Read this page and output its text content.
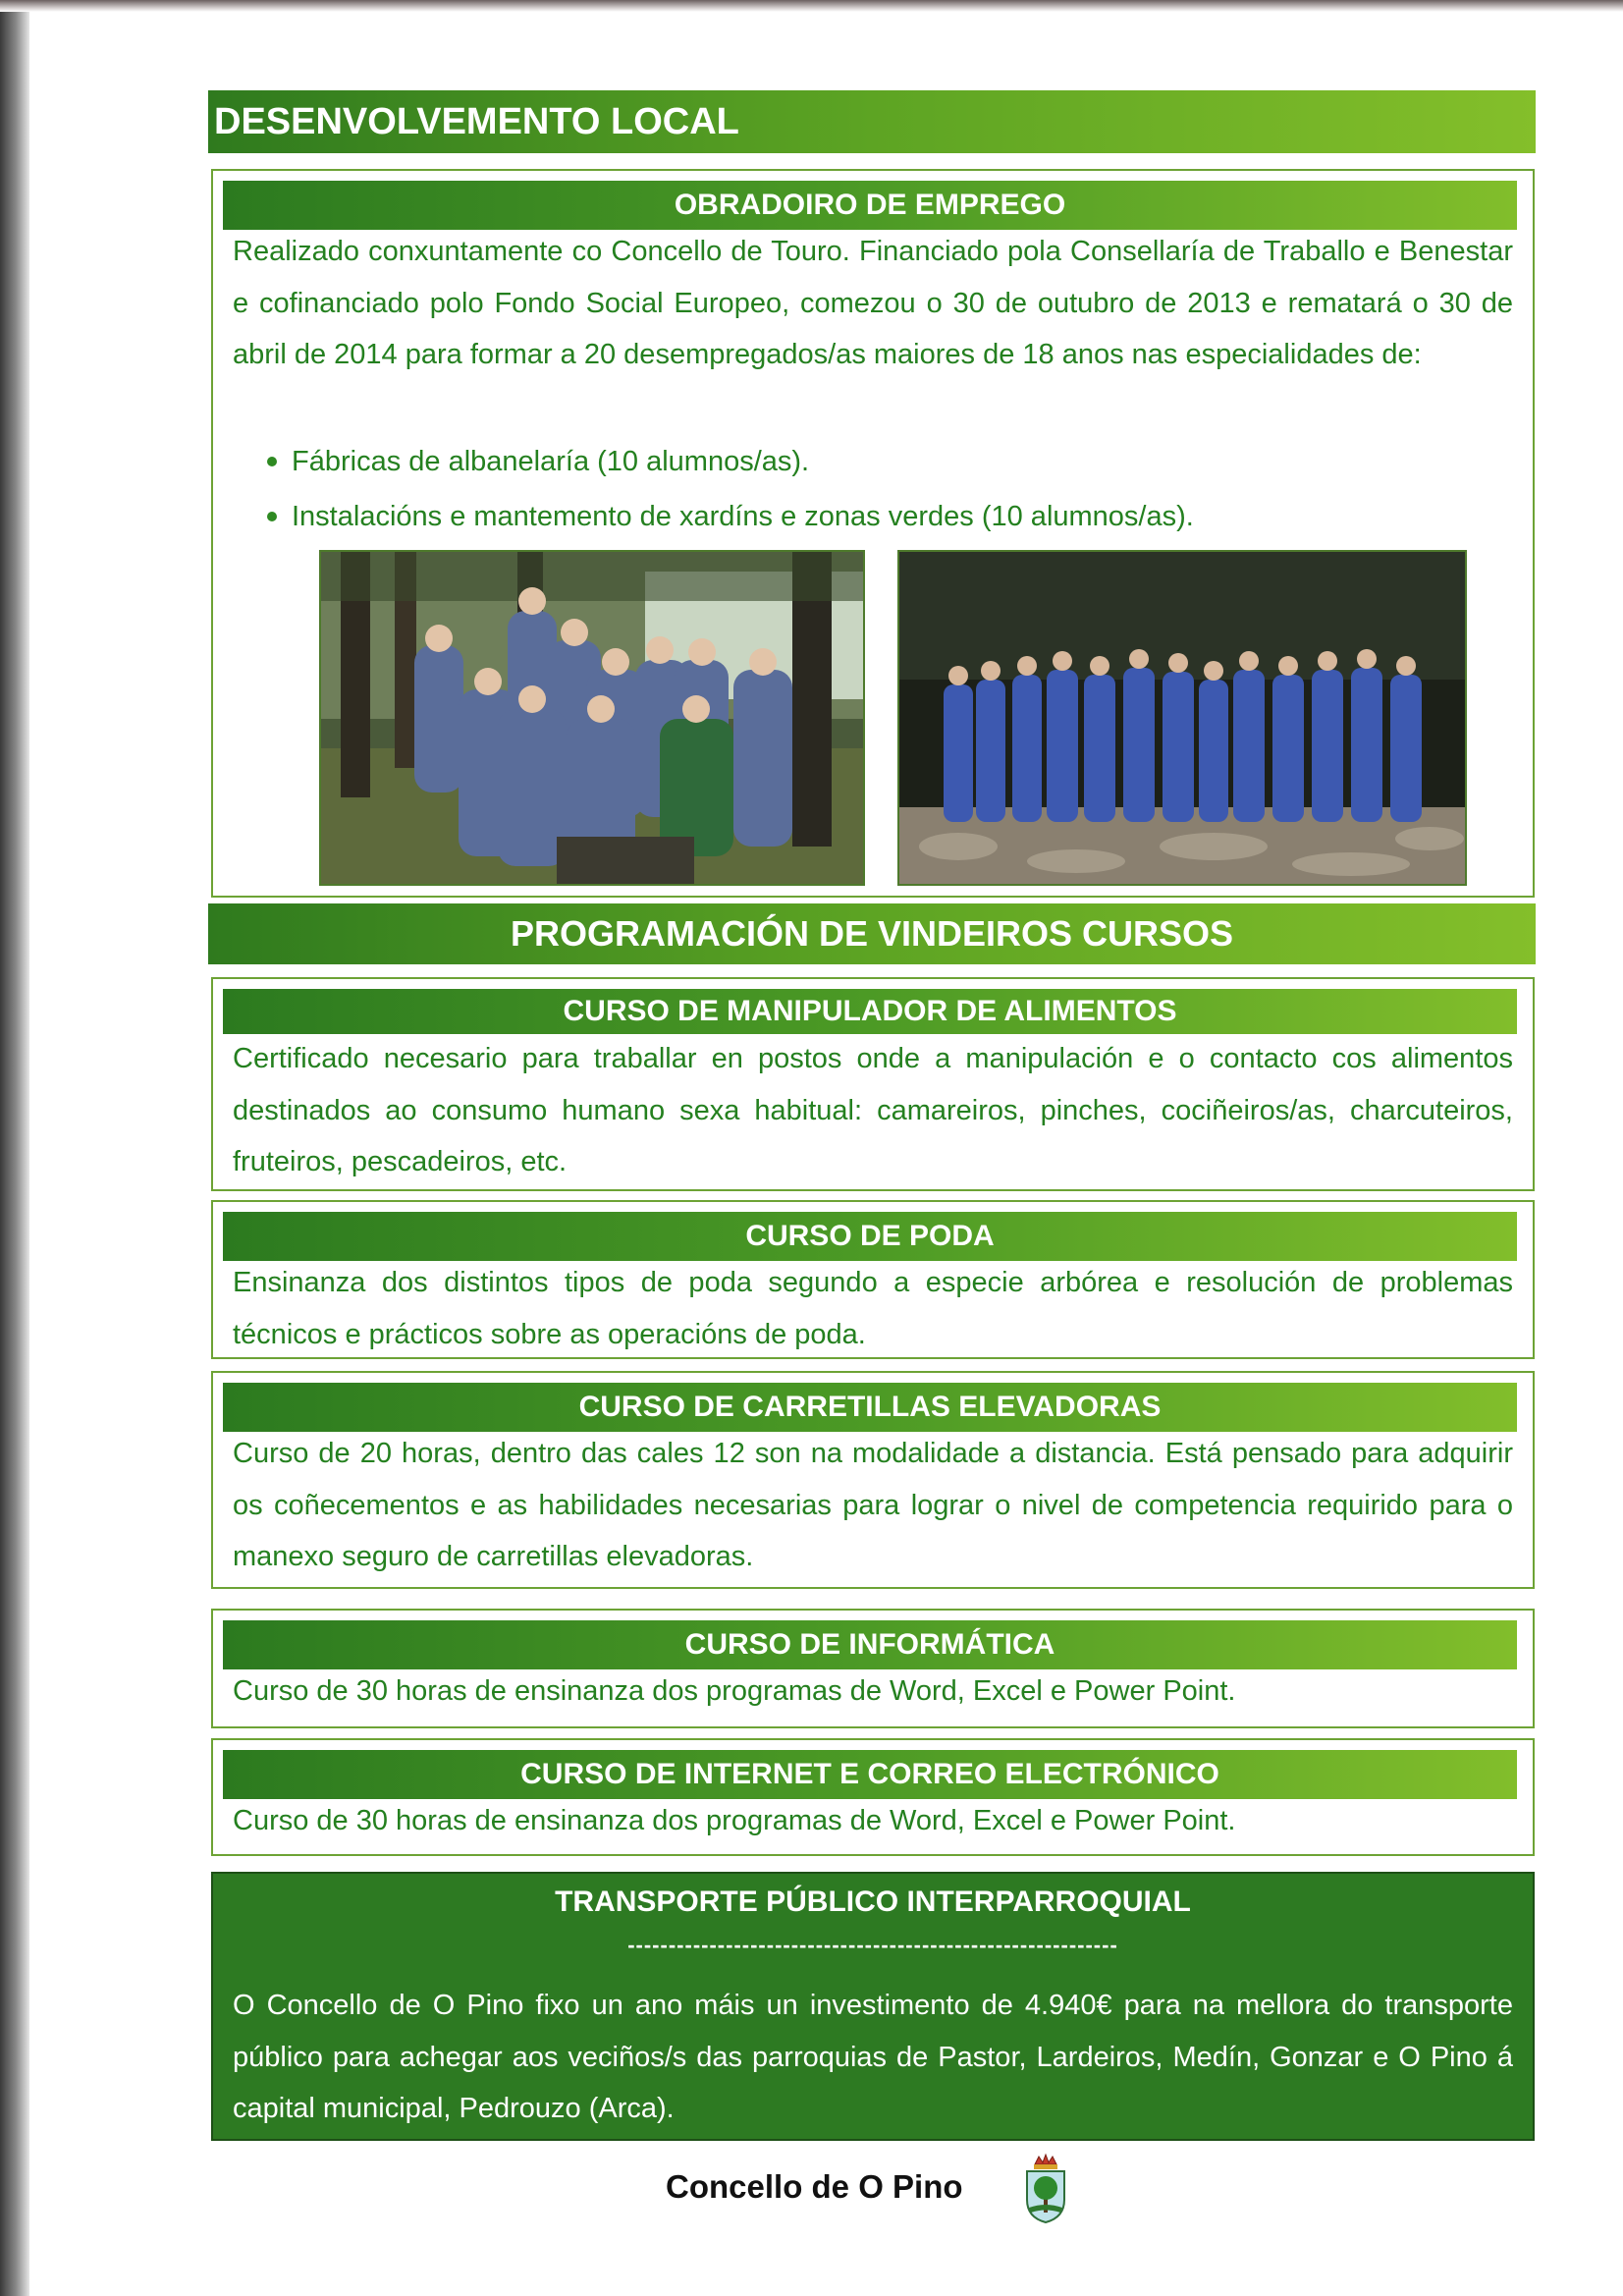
DESENVOLVEMENTO LOCAL
OBRADOIRO DE EMPREGO

Realizado conxuntamente co Concello de Touro. Financiado pola Consellaría de Traballo e Benestar e cofinanciado polo Fondo Social Europeo, comezou o 30 de outubro de 2013 e rematará o 30 de abril de 2014 para formar a 20 desempregados/as maiores de 18 anos nas especialidades de:

Fábricas de albanelaría (10 alumnos/as).
Instalacións e mantemento de xardíns e zonas verdes (10 alumnos/as).
PROGRAMACIÓN DE VINDEIROS CURSOS
CURSO DE MANIPULADOR DE ALIMENTOS

Certificado necesario para traballar en postos onde a manipulación e o contacto cos alimentos destinados ao consumo humano sexa habitual: camareiros, pinches, cociñeiros/as, charcuteiros, fruteiros, pescadeiros, etc.

CURSO DE PODA

Ensinanza dos distintos tipos de poda segundo a especie arbórea e resolución de problemas técnicos e prácticos sobre as operacións de poda.

CURSO DE CARRETILLAS ELEVADORAS

Curso de 20 horas, dentro das cales 12 son na modalidade a distancia. Está pensado para adquirir os coñecementos e as habilidades necesarias para lograr o nivel de competencia requirido para o manexo seguro de carretillas elevadoras.

CURSO DE INFORMÁTICA

Curso de 30 horas de ensinanza dos programas de Word, Excel e Power Point.

CURSO DE INTERNET E CORREO ELECTRÓNICO

Curso de 30 horas de ensinanza dos programas de Word, Excel e Power Point.

TRANSPORTE PÚBLICO INTERPARROQUIAL
------------------------------------------------------------

O Concello de O Pino fixo un ano máis un investimento de 4.940€ para na mellora do transporte público para achegar aos veciños/s das parroquias de Pastor, Lardeiros, Medín, Gonzar e O Pino á capital municipal, Pedrouzo (Arca).

Concello de O Pino
